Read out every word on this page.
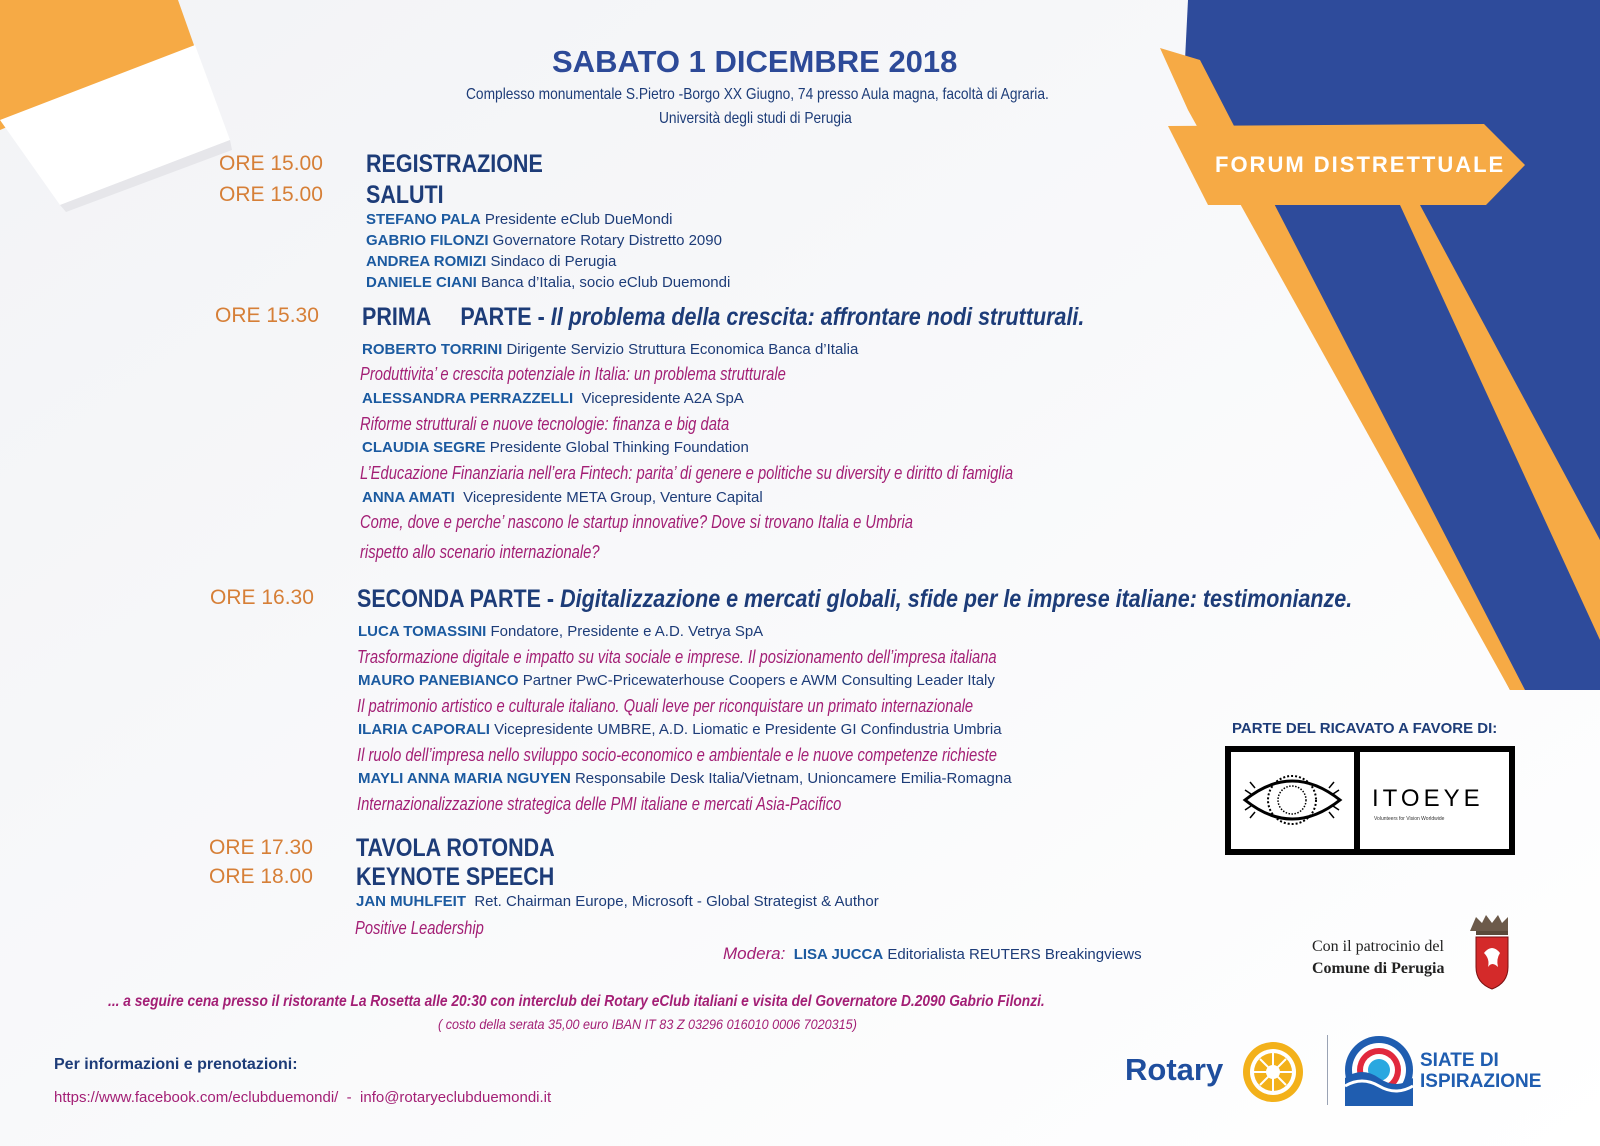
SABATO 1 DICEMBRE 2018
Complesso monumentale S.Pietro -Borgo XX Giugno, 74 presso Aula magna, facoltà di Agraria.
Università degli studi di Perugia
FORUM DISTRETTUALE
ORE 15.00 REGISTRAZIONE
ORE 15.00 SALUTI
STEFANO PALA Presidente eClub DueMondi
GABRIO FILONZI Governatore Rotary Distretto 2090
ANDREA ROMIZI Sindaco di Perugia
DANIELE CIANI Banca d’Italia, socio eClub Duemondi
ORE 15.30 PRIMA     PARTE - Il problema della crescita: affrontare nodi strutturali.
ROBERTO TORRINI Dirigente Servizio Struttura Economica Banca d’Italia
Produttivita’ e crescita potenziale in Italia: un problema strutturale
ALESSANDRA PERRAZZELLI Vicepresidente A2A SpA
Riforme strutturali e nuove tecnologie: finanza e big data
CLAUDIA SEGRE Presidente Global Thinking Foundation
L’Educazione Finanziaria nell’era Fintech: parita’ di genere e politiche su diversity e diritto di famiglia
ANNA AMATI Vicepresidente META Group, Venture Capital
Come, dove e perche’ nascono le startup innovative? Dove si trovano Italia e Umbria
rispetto allo scenario internazionale?
ORE 16.30 SECONDA PARTE - Digitalizzazione e mercati globali, sfide per le imprese italiane: testimonianze.
LUCA TOMASSINI Fondatore, Presidente e A.D. Vetrya SpA
Trasformazione digitale e impatto su vita sociale e imprese. Il posizionamento dell’impresa italiana
MAURO PANEBIANCO Partner PwC-Pricewaterhouse Coopers e AWM Consulting Leader Italy
Il patrimonio artistico e culturale italiano. Quali leve per riconquistare un primato internazionale
ILARIA CAPORALI Vicepresidente UMBRE, A.D. Liomatic e Presidente GI Confindustria Umbria
Il ruolo dell’impresa nello sviluppo socio-economico e ambientale e le nuove competenze richieste
MAYLI ANNA MARIA NGUYEN Responsabile Desk Italia/Vietnam, Unioncamere Emilia-Romagna
Internazionalizzazione strategica delle PMI italiane e mercati Asia-Pacifico
ORE 17.30 TAVOLA ROTONDA
ORE 18.00 KEYNOTE SPEECH
JAN MUHLFEIT Ret. Chairman Europe, Microsoft - Global Strategist & Author
Positive Leadership
Modera: LISA JUCCA Editorialista REUTERS Breakingviews
... a seguire cena presso il ristorante La Rosetta alle 20:30 con interclub dei Rotary eClub italiani e visita del Governatore D.2090 Gabrio Filonzi.
( costo della serata 35,00 euro IBAN IT 83 Z 03296 016010 0006 7020315)
Per informazioni e prenotazioni:
https://www.facebook.com/eclubduemondi/ - info@rotaryeclubduemondi.it
PARTE DEL RICAVATO A FAVORE DI:
ITOEYE
Volunteers for Vision Worldwide
Con il patrocinio del
Comune di Perugia
Rotary	SIATE DI
ISPIRAZIONE
